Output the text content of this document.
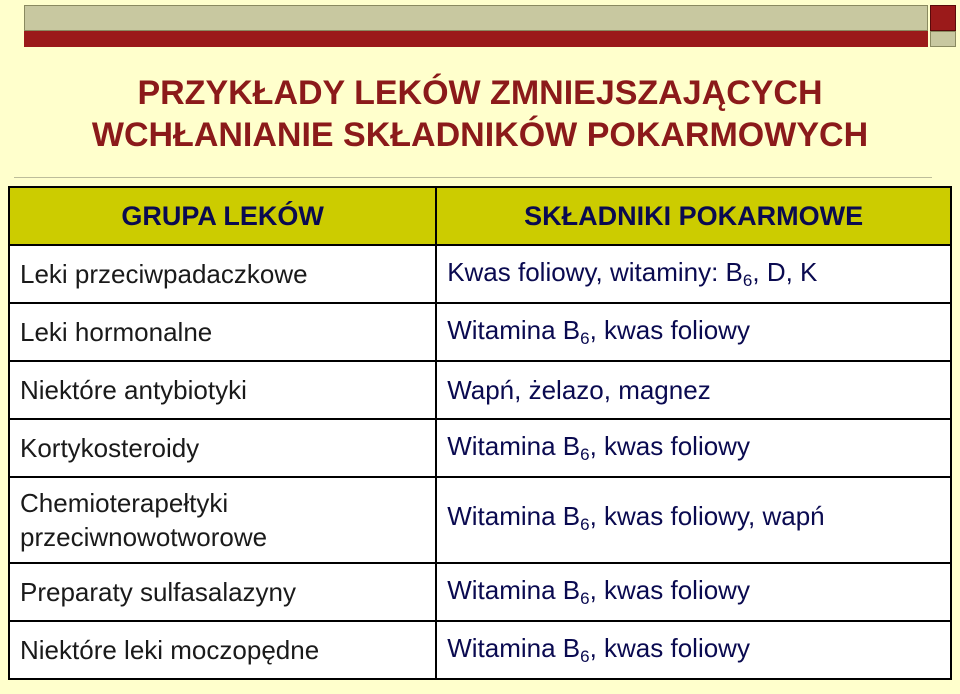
PRZYKŁADY LEKÓW ZMNIEJSZAJĄCYCH
WCHŁANIANIE SKŁADNIKÓW POKARMOWYCH
GRUPA LEKÓW	SKŁADNIKI POKARMOWE
Leki przeciwpadaczkowe	Kwas foliowy, witaminy: $B_6$, D, K
Leki hormonalne	Witamina $B_6$, kwas foliowy
Niektóre antybiotyki	Wapń, żelazo, magnez
Kortykosteroidy	Witamina $B_6$, kwas foliowy

Chemioterapełtyki
przeciwnowotworowe	Witamina $B_6$, kwas foliowy, wapń
Preparaty sulfasalazyny	Witamina $B_6$, kwas foliowy
Niektóre leki moczopędne	Witamina $B_6$, kwas foliowy
